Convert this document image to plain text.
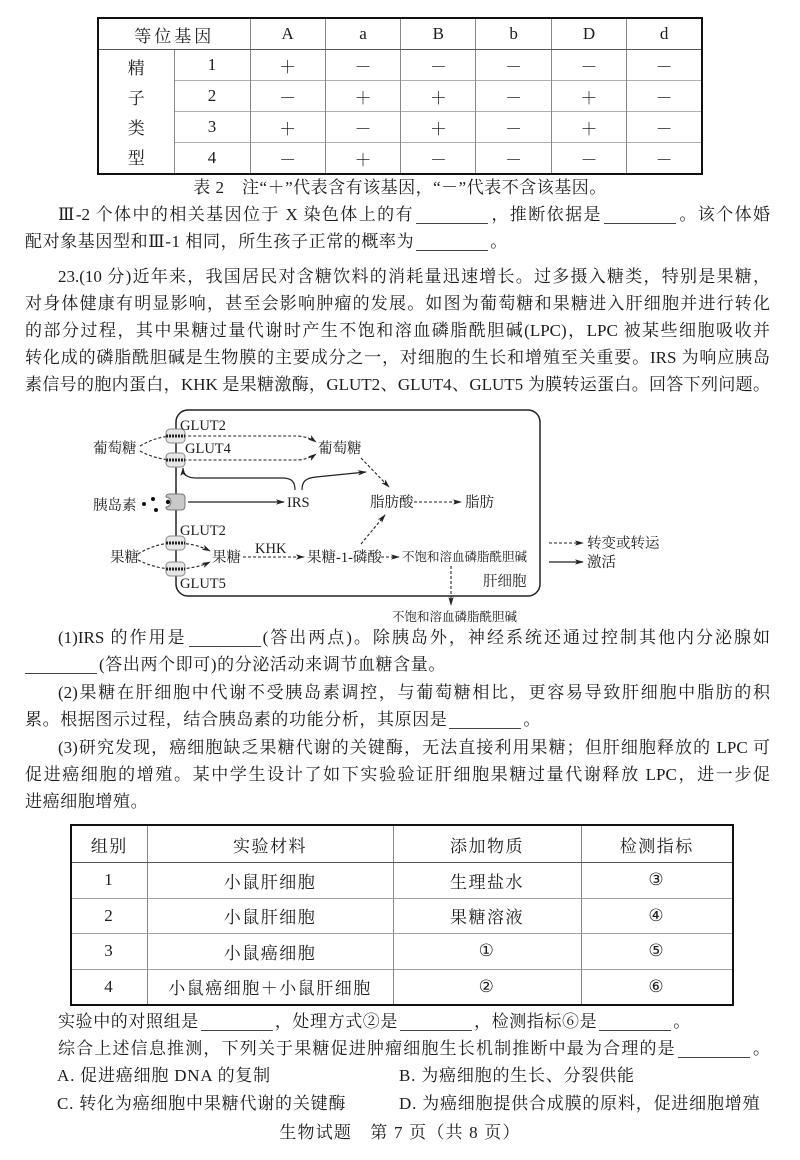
等位基因		A	a	B	b	D	d

精
子
类
型	1	＋	－	－	－	－	－
	2	－	＋	＋	－	＋	－
	3	＋	－	＋	－	＋	－
	4	－	＋	－	－	－	－
表 2　注“＋”代表含有该基因，“－”代表不含该基因。
Ⅲ-2 个体中的相关基因位于 X 染色体上的有	，推断依据是	。该个体婚
配对象基因型和Ⅲ-1 相同，所生孩子正常的概率为	。
23.(10 分)近年来，我国居民对含糖饮料的消耗量迅速增长。过多摄入糖类，特别是果糖，
对身体健康有明显影响，甚至会影响肿瘤的发展。如图为葡萄糖和果糖进入肝细胞并进行转化
的部分过程，其中果糖过量代谢时产生不饱和溶血磷脂酰胆碱(LPC)，LPC 被某些细胞吸收并
转化成的磷脂酰胆碱是生物膜的主要成分之一，对细胞的生长和增殖至关重要。IRS 为响应胰岛
素信号的胞内蛋白，KHK 是果糖激酶，GLUT2、GLUT4、GLUT5 为膜转运蛋白。回答下列问题。
葡萄糖
GLUT2
GLUT4	葡萄糖
胰岛素	IRS	脂肪酸	脂肪
GLUT2
果糖	果糖
KHK
果糖-1-磷酸 不饱和溶血磷脂酰胆碱
GLUT5	肝细胞
不饱和溶血磷脂酰胆碱
转变或转运
激活
(1)IRS 的作用是	(答出两点)。除胰岛外，神经系统还通过控制其他内分泌腺如
(答出两个即可)的分泌活动来调节血糖含量。
(2)果糖在肝细胞中代谢不受胰岛素调控，与葡萄糖相比，更容易导致肝细胞中脂肪的积
累。根据图示过程，结合胰岛素的功能分析，其原因是	。
(3)研究发现，癌细胞缺乏果糖代谢的关键酶，无法直接利用果糖；但肝细胞释放的 LPC 可
促进癌细胞的增殖。某中学生设计了如下实验验证肝细胞果糖过量代谢释放 LPC，进一步促
进癌细胞增殖。
组别	实验材料	添加物质	检测指标
1	小鼠肝细胞	生理盐水	③
2	小鼠肝细胞	果糖溶液	④
3	小鼠癌细胞	①	⑤
4	小鼠癌细胞＋小鼠肝细胞	②	⑥
实验中的对照组是	，处理方式②是	，检测指标⑥是	。
综合上述信息推测，下列关于果糖促进肿瘤细胞生长机制推断中最为合理的是	。
A. 促进癌细胞 DNA 的复制	B. 为癌细胞的生长、分裂供能
C. 转化为癌细胞中果糖代谢的关键酶	D. 为癌细胞提供合成膜的原料，促进细胞增殖
生物试题　第 7 页（共 8 页）
